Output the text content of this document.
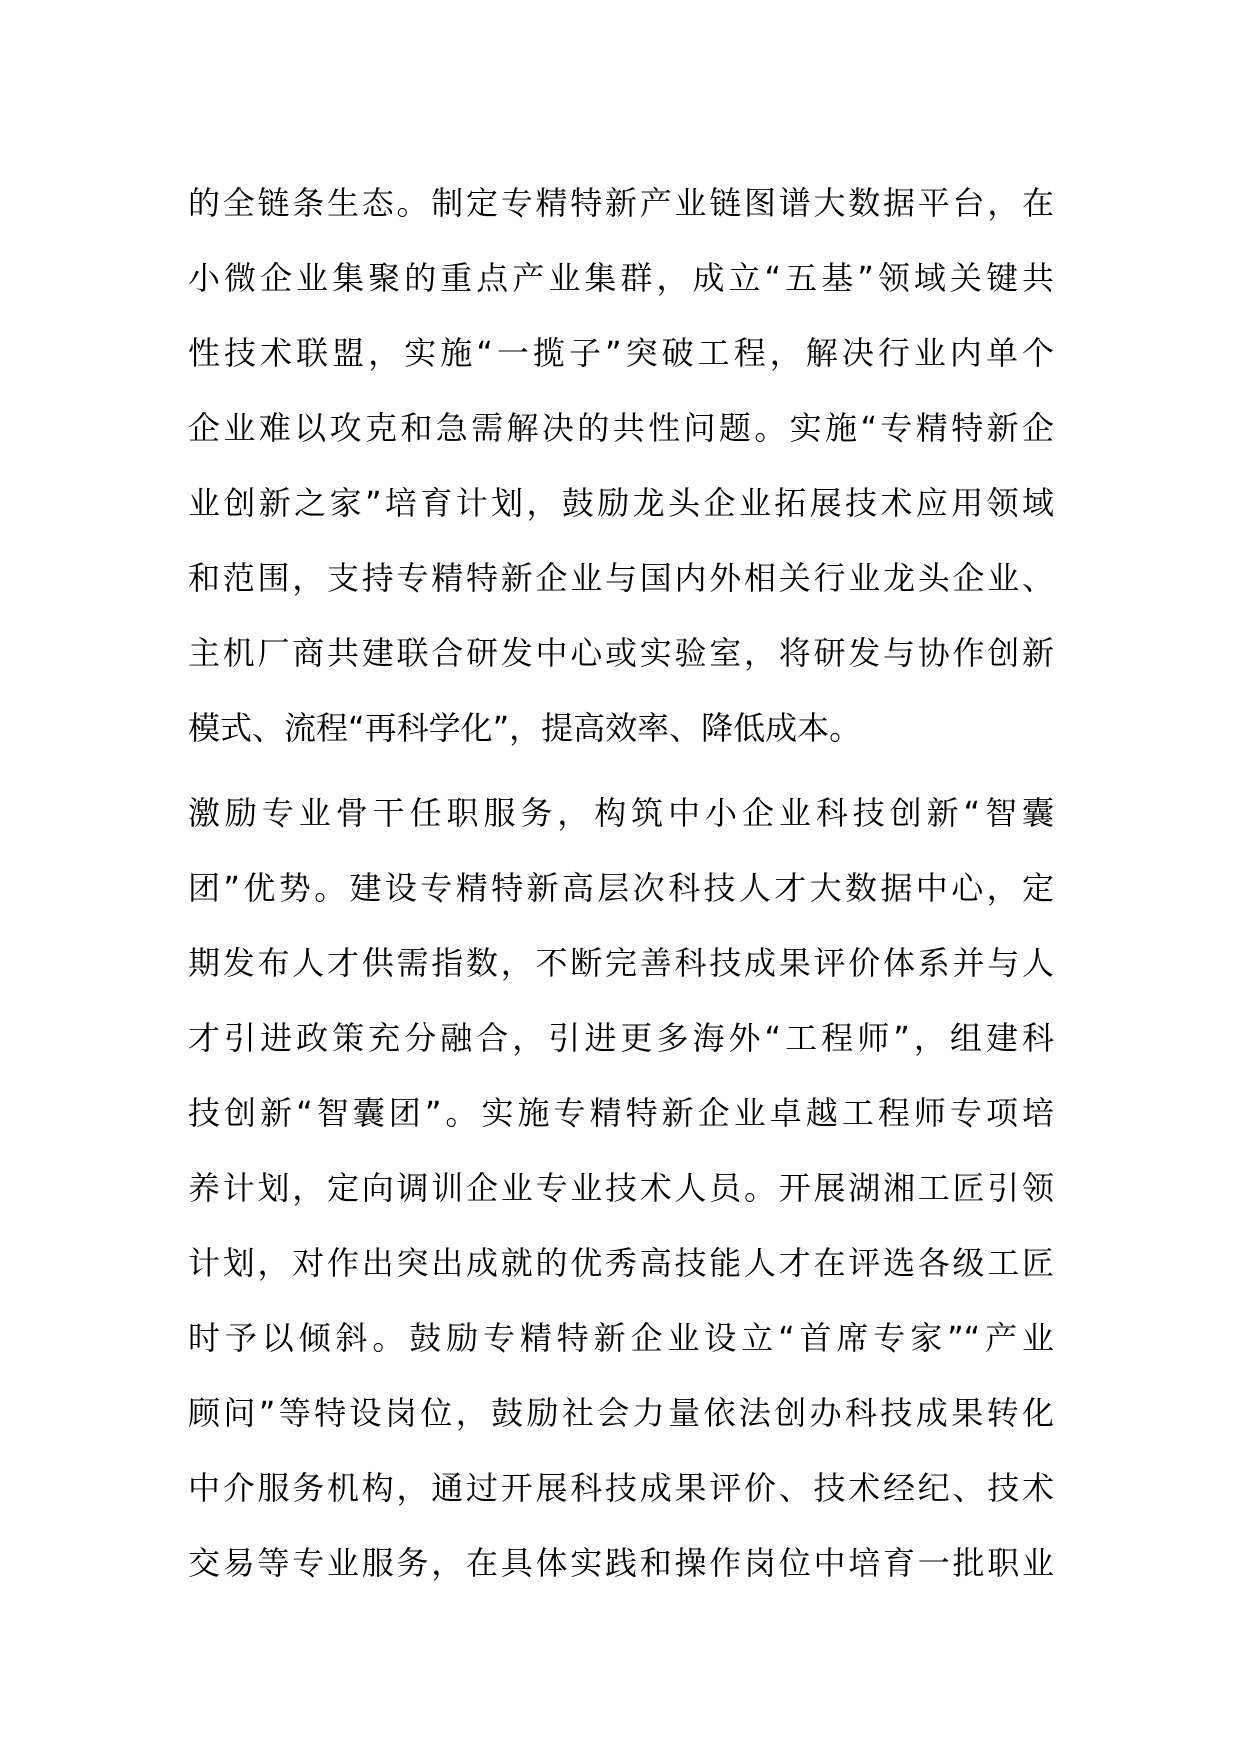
的全链条生态。制定专精特新产业链图谱大数据平台，在
小微企业集聚的重点产业集群，成立“五基”领域关键共
性技术联盟，实施“一揽子”突破工程，解决行业内单个
企业难以攻克和急需解决的共性问题。实施“专精特新企
业创新之家”培育计划，鼓励龙头企业拓展技术应用领域
和范围，支持专精特新企业与国内外相关行业龙头企业、
主机厂商共建联合研发中心或实验室，将研发与协作创新
模式、流程“再科学化”，提高效率、降低成本。
激励专业骨干任职服务，构筑中小企业科技创新“智囊
团”优势。建设专精特新高层次科技人才大数据中心，定
期发布人才供需指数，不断完善科技成果评价体系并与人
才引进政策充分融合，引进更多海外“工程师”，组建科
技创新“智囊团”。实施专精特新企业卓越工程师专项培
养计划，定向调训企业专业技术人员。开展湖湘工匠引领
计划，对作出突出成就的优秀高技能人才在评选各级工匠
时予以倾斜。鼓励专精特新企业设立“首席专家”“产业
顾问”等特设岗位，鼓励社会力量依法创办科技成果转化
中介服务机构，通过开展科技成果评价、技术经纪、技术
交易等专业服务，在具体实践和操作岗位中培育一批职业
